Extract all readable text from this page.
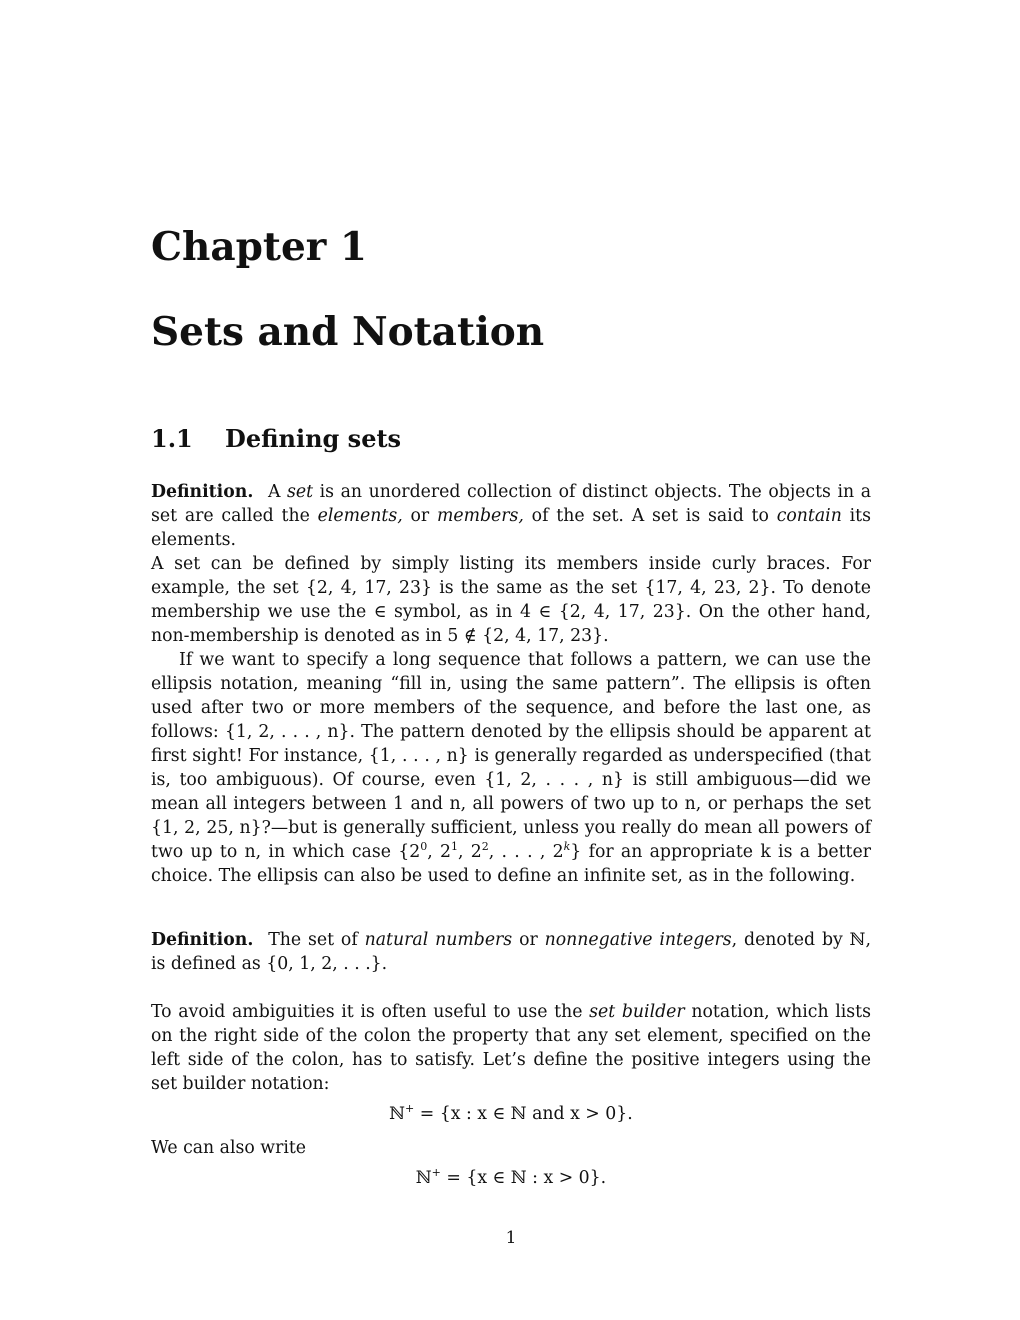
Chapter 1
Sets and Notation
1.1 Defining sets

Definition. A set is an unordered collection of distinct objects. The objects in a set are called the elements, or members, of the set. A set is said to contain its elements.

A set can be defined by simply listing its members inside curly braces. For example, the set {2, 4, 17, 23} is the same as the set {17, 4, 23, 2}. To denote membership we use the ∈ symbol, as in 4 ∈ {2, 4, 17, 23}. On the other hand, non-membership is denoted as in 5 ∉ {2, 4, 17, 23}.

If we want to specify a long sequence that follows a pattern, we can use the ellipsis notation, meaning “fill in, using the same pattern”. The ellipsis is often used after two or more members of the sequence, and before the last one, as follows: {1, 2, . . . , n}. The pattern denoted by the ellipsis should be apparent at first sight! For instance, {1, . . . , n} is generally regarded as underspecified (that is, too ambiguous). Of course, even {1, 2, . . . , n} is still ambiguous—did we mean all integers between 1 and n, all powers of two up to n, or perhaps the set {1, 2, 25, n}?—but is generally sufficient, unless you really do mean all powers of two up to n, in which case {$2^0$, $2^1$, $2^2$, . . . , 2$^k$} for an appropriate k is a better choice. The ellipsis can also be used to define an infinite set, as in the following.

Definition. The set of natural numbers or nonnegative integers, denoted by ℕ, is defined as {0, 1, 2, . . .}.

To avoid ambiguities it is often useful to use the set builder notation, which lists on the right side of the colon the property that any set element, specified on the left side of the colon, has to satisfy. Let’s define the positive integers using the set builder notation:

ℕ+ = {x : x ∈ ℕ and x > 0}.

We can also write

ℕ+ = {x ∈ ℕ : x > 0}.
1
